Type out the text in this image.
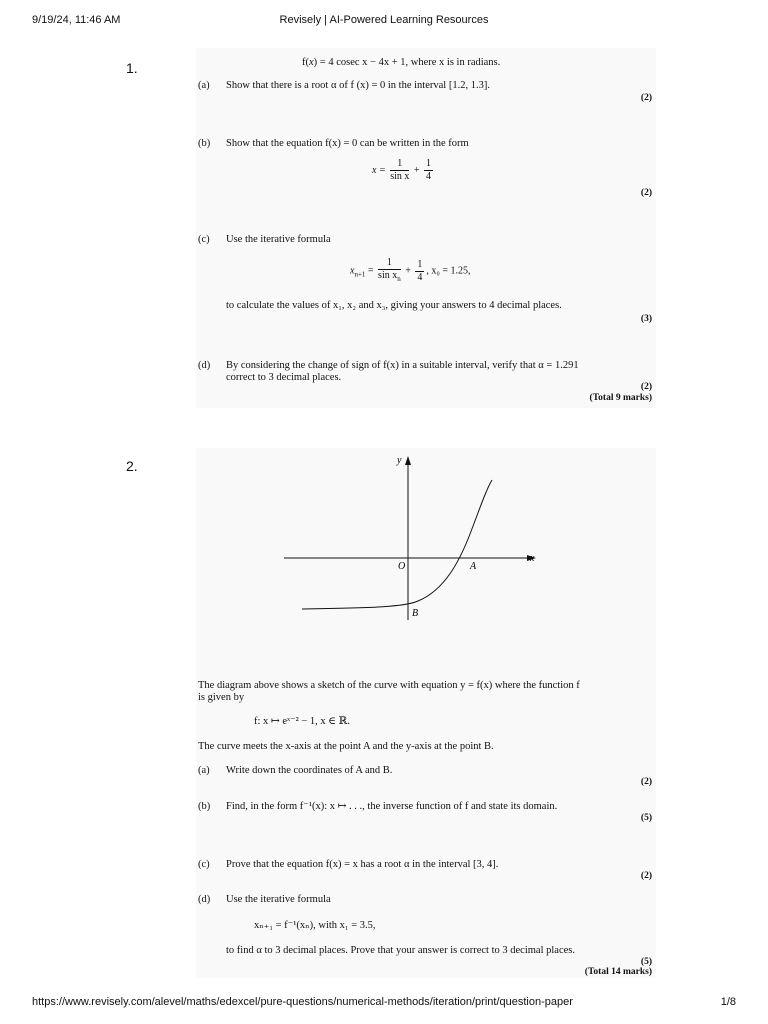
9/19/24, 11:46 AM	Revisely | AI-Powered Learning Resources
1.	f(x) = 4 cosec x − 4x + 1, where x is in radians.
(a) Show that there is a root α of f (x) = 0 in the interval [1.2, 1.3].
(2)
(b) Show that the equation f(x) = 0 can be written in the form
$x = \frac{1}{\text{sin x}} + \frac{1}{4}$
(2)
(c) Use the iterative formula
$x_{n+1} = \frac{1}{\sin x_n} + \frac{1}{4}$ , x₀ = 1.25,
to calculate the values of x₁, x₂ and x₃, giving your answers to 4 decimal places.
(3)
(d) By considering the change of sign of f(x) in a suitable interval, verify that α = 1.291
correct to 3 decimal places.
(2)
(Total 9 marks)
2.	y
x
O	A
B
The diagram above shows a sketch of the curve with equation y = f(x) where the function f
is given by
f: x ↦ eˣ⁻² − 1, x ∈ ℝ.
The curve meets the x-axis at the point A and the y-axis at the point B.
(a) Write down the coordinates of A and B.
(2)
(b) Find, in the form f⁻¹(x): x ↦ . . ., the inverse function of f and state its domain.
(5)
(c) Prove that the equation f(x) = x has a root α in the interval [3, 4].
(2)
(d) Use the iterative formula
xₙ₊₁ = f⁻¹(xₙ), with x₁ = 3.5,
to find α to 3 decimal places. Prove that your answer is correct to 3 decimal places.
(5)
(Total 14 marks)
https://www.revisely.com/alevel/maths/edexcel/pure-questions/numerical-methods/iteration/print/question-paper	1/8
